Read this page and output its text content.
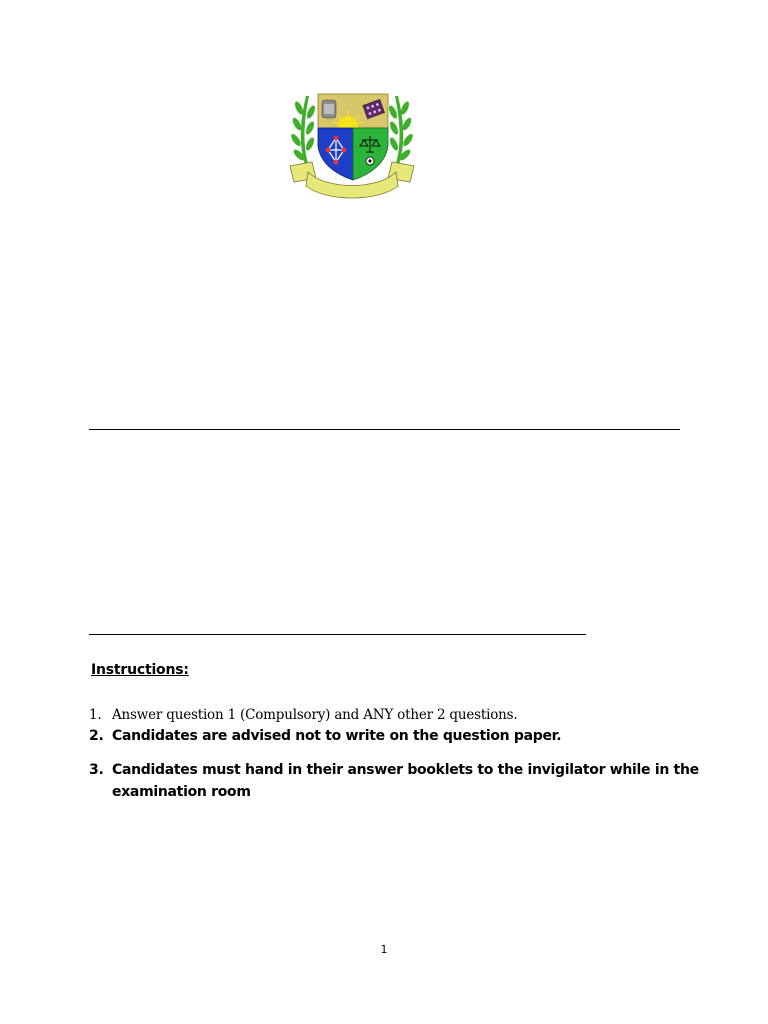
Instructions:
1. Answer question 1 (Compulsory) and ANY other 2 questions.
2. Candidates are advised not to write on the question paper.
3. Candidates must hand in their answer booklets to the invigilator while in the examination room
1
